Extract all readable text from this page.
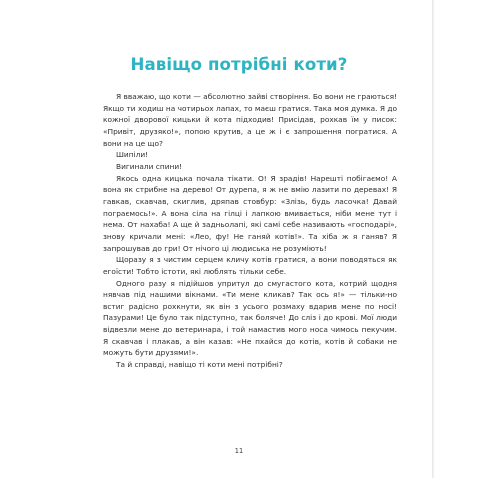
Навіщо потрібні коти?

Я вважаю, що коти — абсолютно зайві створіння. Бо вони не граються! Якщо ти ходиш на чотирьох лапах, то маєш гратися. Така моя думка. Я до кожної дворової кицьки й кота підходив! Присідав, рохкав їм у писок: «Привіт, друзяко!», попою крутив, а це ж і є запрошення погратися. А вони на це що?

Шипіли!

Вигинали спини!

Якось одна кицька почала тікати. О! Я зрадів! Нарешті побігаємо! А вона як стрибне на дерево! От дурепа, я ж не вмію лазити по деревах! Я гавкав, скавчав, скиглив, дряпав стовбур: «Злізь, будь ласочка! Давай пограємось!». А вона сіла на гілці і лапкою вмивається, ніби мене тут і нема. От нахаба! А ще й задньолапі, які самі себе називають «господарі», знову кричали мені: «Лео, фу! Не ганяй котів!». Та хіба ж я ганяв? Я запрошував до гри! От нічого ці людиська не розуміють!

Щоразу я з чистим серцем кличу котів гратися, а вони поводяться як егоїсти! Тобто істоти, які люблять тільки себе.

Одного разу я підійшов упритул до смугастого кота, котрий щодня нявчав під нашими вікнами. «Ти мене кликав? Так ось я!» — тільки-но встиг радісно рохкнути, як він з усього розмаху вдарив мене по носі! Пазурами! Це було так підступно, так боляче! До сліз і до крові. Мої люди відвезли мене до ветеринара, і той намастив мого носа чимось пекучим. Я скавчав і плакав, а він казав: «Не пхайся до котів, котів й собаки не можуть бути друзями!».

Та й справді, навіщо ті коти мені потрібні?

11
